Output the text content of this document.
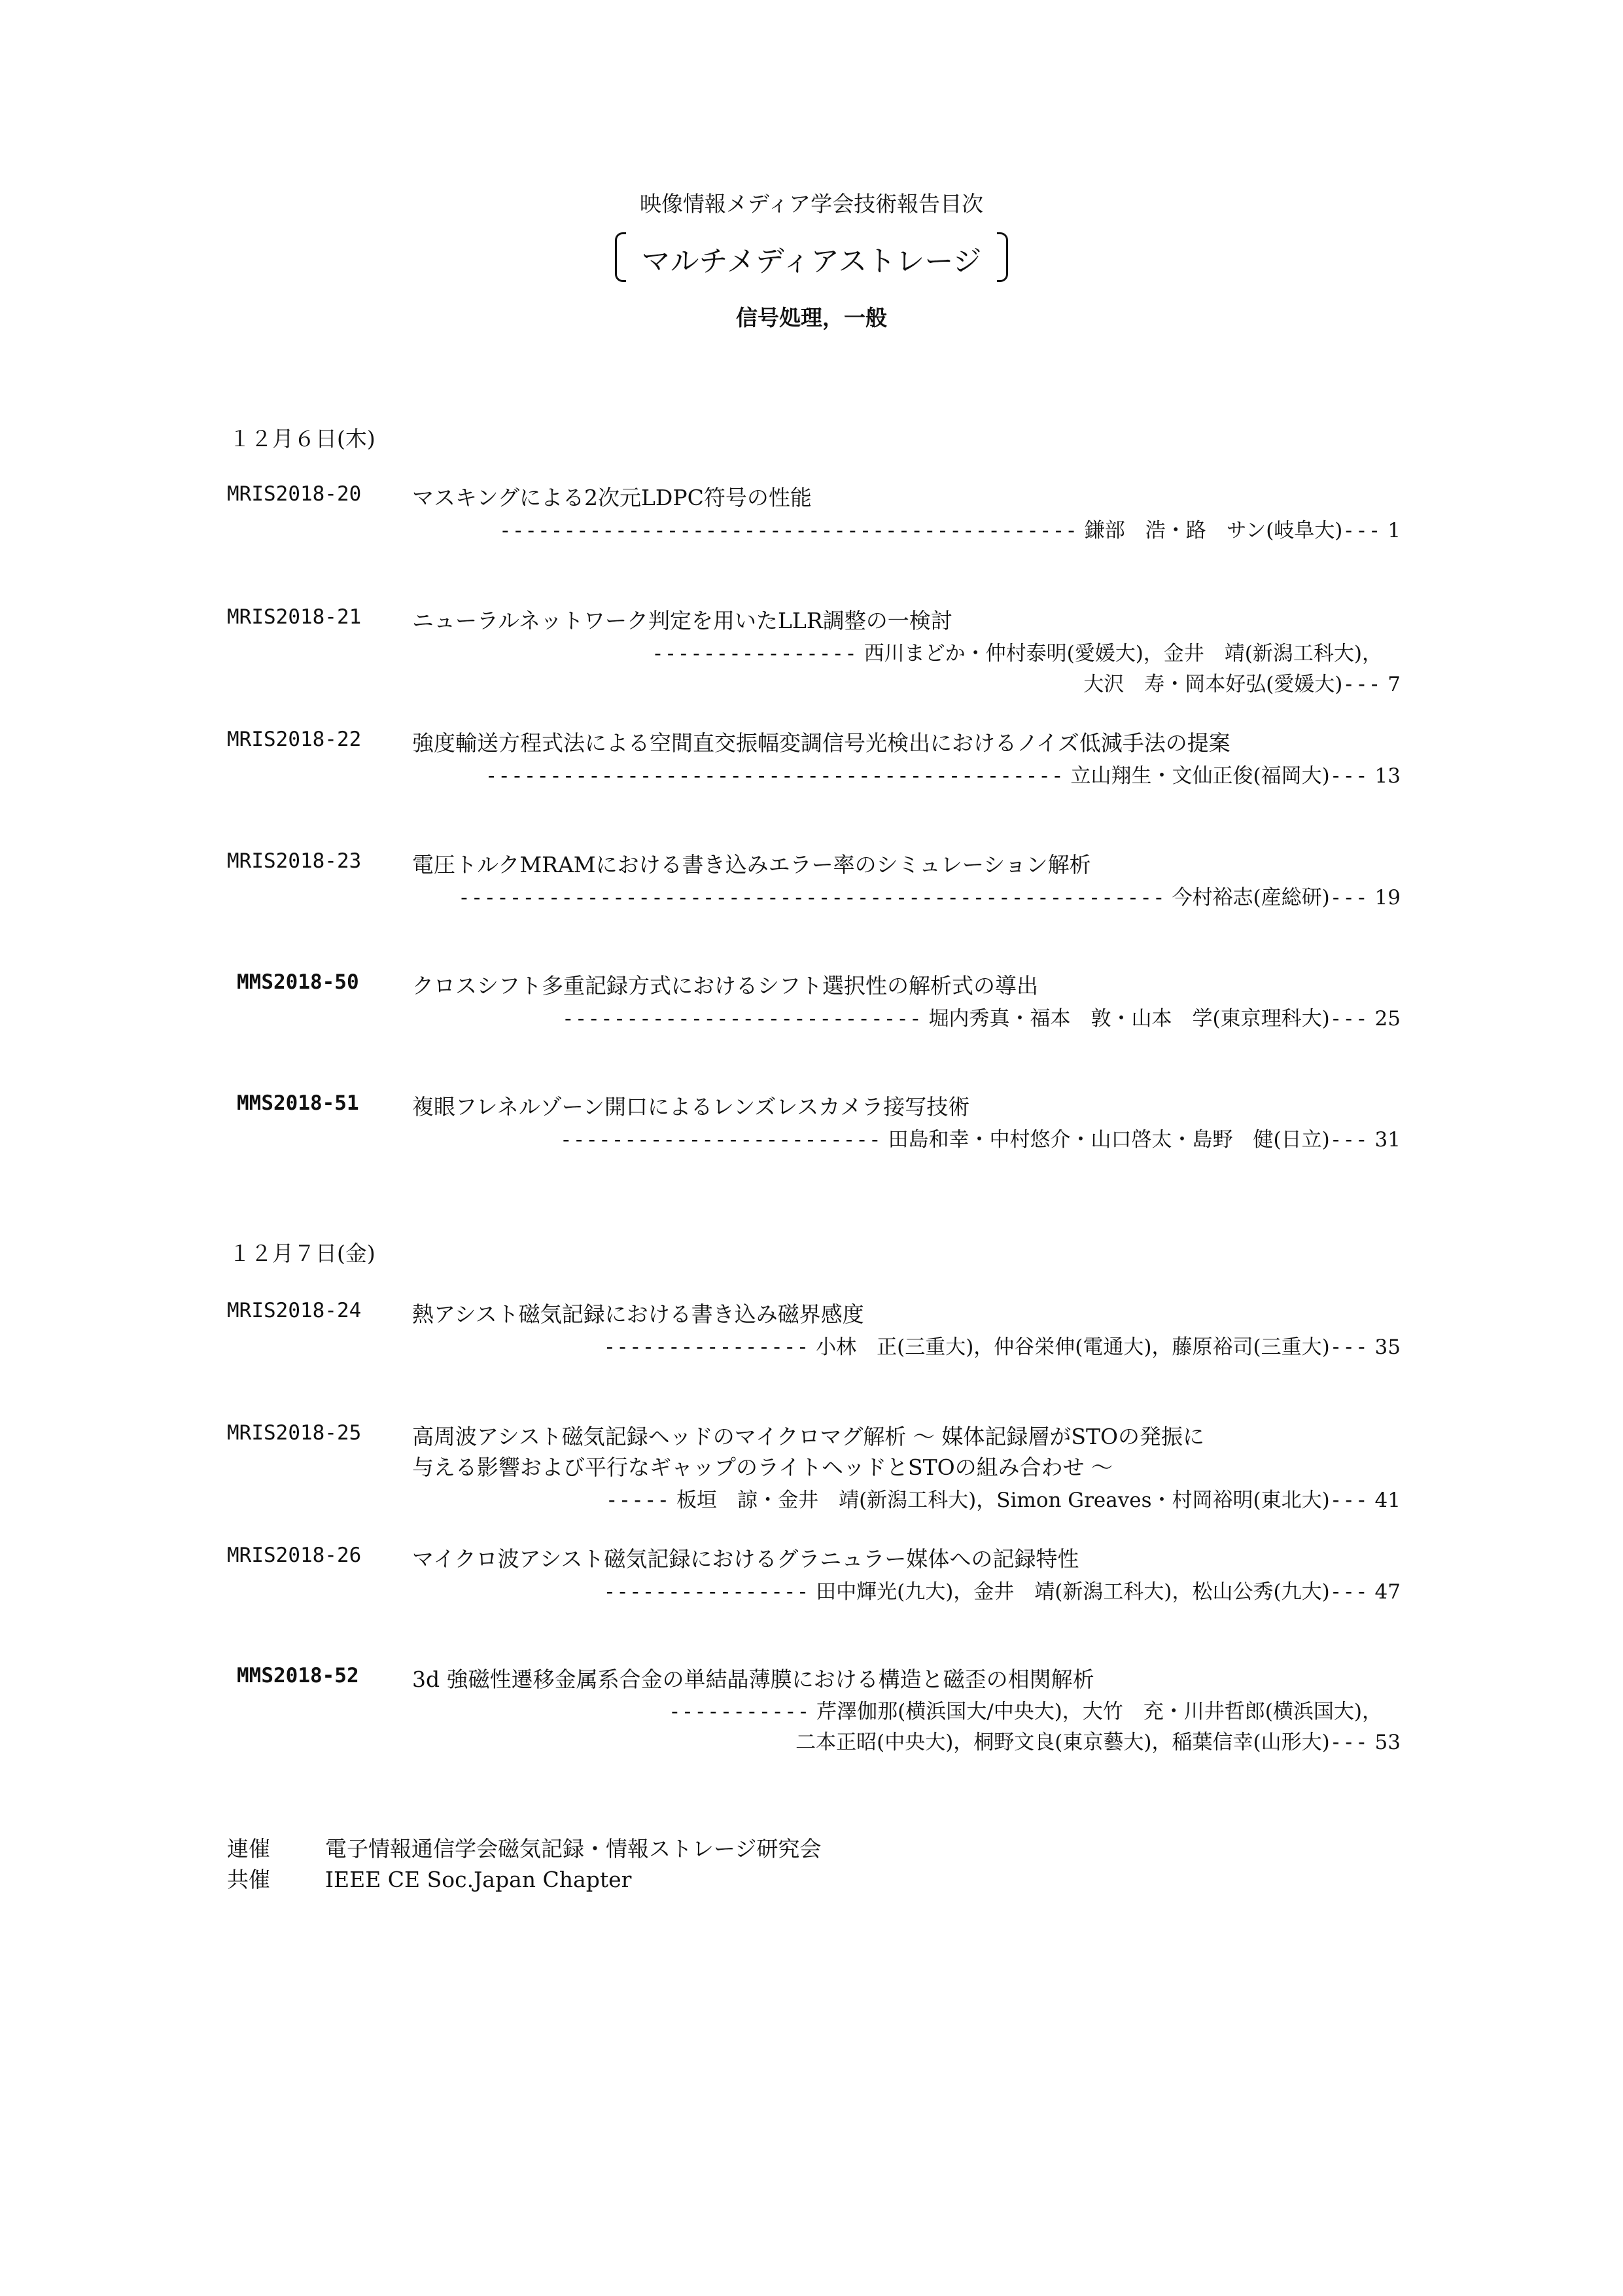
映像情報メディア学会技術報告目次
マルチメディアストレージ
信号処理，一般
１２月６日(木)
MRIS2018-20 マスキングによる2次元LDPC符号の性能
--------------------------------------------- 鎌部　浩・路　サン(岐阜大)--- 1
MRIS2018-21 ニューラルネットワーク判定を用いたLLR調整の一検討
---------------- 西川まどか・仲村泰明(愛媛大)，金井　靖(新潟工科大)，
大沢　寿・岡本好弘(愛媛大)--- 7
MRIS2018-22 強度輸送方程式法による空間直交振幅変調信号光検出におけるノイズ低減手法の提案
--------------------------------------------- 立山翔生・文仙正俊(福岡大)--- 13
MRIS2018-23 電圧トルクMRAMにおける書き込みエラー率のシミュレーション解析
------------------------------------------------------- 今村裕志(産総研)--- 19
MMS2018-50 クロスシフト多重記録方式におけるシフト選択性の解析式の導出
---------------------------- 堀内秀真・福本　敦・山本　学(東京理科大)--- 25
MMS2018-51 複眼フレネルゾーン開口によるレンズレスカメラ接写技術
------------------------- 田島和幸・中村悠介・山口啓太・島野　健(日立)--- 31
１２月７日(金)
MRIS2018-24 熱アシスト磁気記録における書き込み磁界感度
---------------- 小林　正(三重大)，仲谷栄伸(電通大)，藤原裕司(三重大)--- 35
MRIS2018-25 高周波アシスト磁気記録ヘッドのマイクロマグ解析 ～ 媒体記録層がSTOの発振に
与える影響および平行なギャップのライトヘッドとSTOの組み合わせ ～
----- 板垣　諒・金井　靖(新潟工科大)，Simon Greaves・村岡裕明(東北大)--- 41
MRIS2018-26 マイクロ波アシスト磁気記録におけるグラニュラー媒体への記録特性
---------------- 田中輝光(九大)，金井　靖(新潟工科大)，松山公秀(九大)--- 47
MMS2018-52 3d 強磁性遷移金属系合金の単結晶薄膜における構造と磁歪の相関解析
----------- 芹澤伽那(横浜国大/中央大)，大竹　充・川井哲郎(横浜国大)，
二本正昭(中央大)，桐野文良(東京藝大)，稲葉信幸(山形大)--- 53
連催	電子情報通信学会磁気記録・情報ストレージ研究会
共催	IEEE CE Soc.Japan Chapter
